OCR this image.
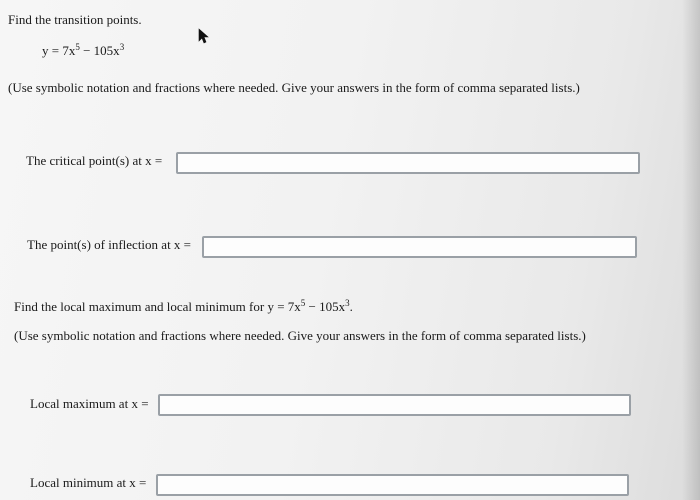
Find the transition points.
$y = 7x^5 - 105x^3$
(Use symbolic notation and fractions where needed. Give your answers in the form of comma separated lists.)
The critical point(s) at x =
The point(s) of inflection at x =
Find the local maximum and local minimum for $y = 7x^5 - 105x^3$.
(Use symbolic notation and fractions where needed. Give your answers in the form of comma separated lists.)
Local maximum at x =
Local minimum at x =
